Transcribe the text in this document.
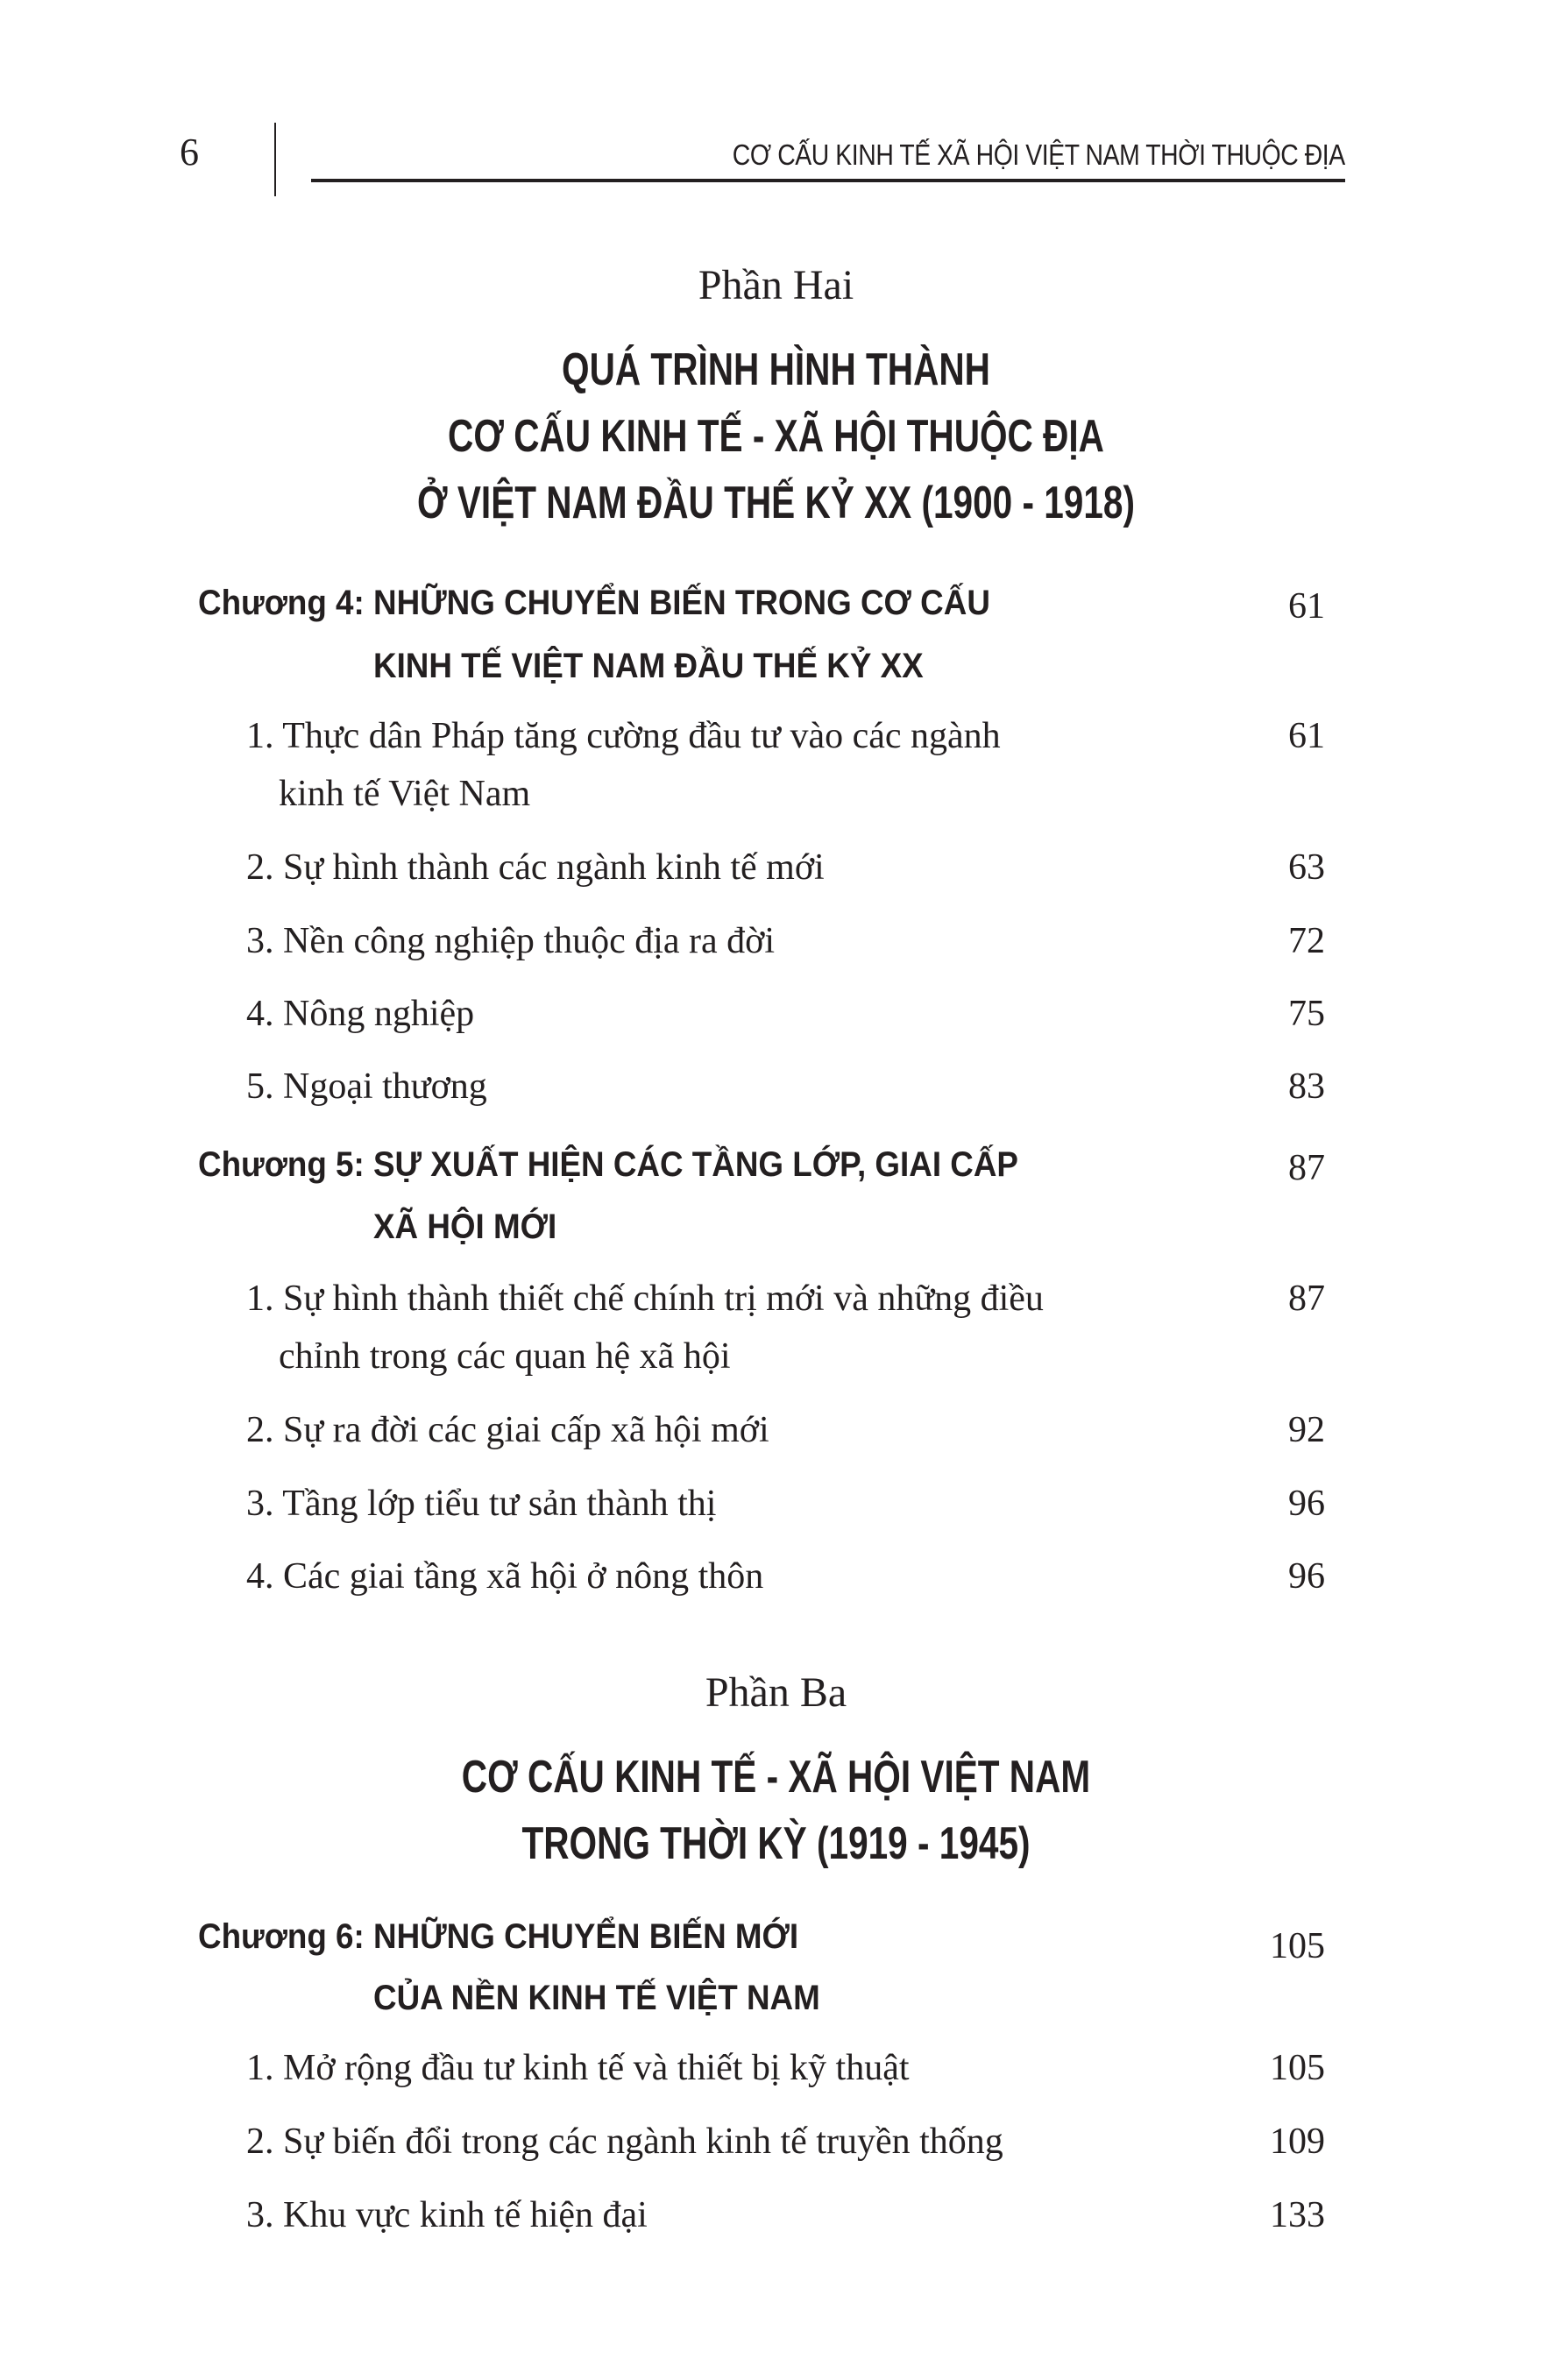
6	CƠ CẤU KINH TẾ XÃ HỘI VIỆT NAM THỜI THUỘC ĐỊA
Phần Hai
QUÁ TRÌNH HÌNH THÀNH
CƠ CẤU KINH TẾ - XÃ HỘI THUỘC ĐỊA
Ở VIỆT NAM ĐẦU THẾ KỶ XX (1900 - 1918)
Chương 4: NHỮNG CHUYỂN BIẾN TRONG CƠ CẤU
KINH TẾ VIỆT NAM ĐẦU THẾ KỶ XX
61
1. Thực dân Pháp tăng cường đầu tư vào các ngành
kinh tế Việt Nam
61
2. Sự hình thành các ngành kinh tế mới	63
3. Nền công nghiệp thuộc địa ra đời	72
4. Nông nghiệp	75
5. Ngoại thương	83
Chương 5: SỰ XUẤT HIỆN CÁC TẦNG LỚP, GIAI CẤP
XÃ HỘI MỚI
87
1. Sự hình thành thiết chế chính trị mới và những điều
chỉnh trong các quan hệ xã hội
87
2. Sự ra đời các giai cấp xã hội mới	92
3. Tầng lớp tiểu tư sản thành thị	96
4. Các giai tầng xã hội ở nông thôn	96
Phần Ba
CƠ CẤU KINH TẾ - XÃ HỘI VIỆT NAM
TRONG THỜI KỲ (1919 - 1945)
Chương 6: NHỮNG CHUYỂN BIẾN MỚI
CỦA NỀN KINH TẾ VIỆT NAM
105
1. Mở rộng đầu tư kinh tế và thiết bị kỹ thuật	105
2. Sự biến đổi trong các ngành kinh tế truyền thống	109
3. Khu vực kinh tế hiện đại	133
